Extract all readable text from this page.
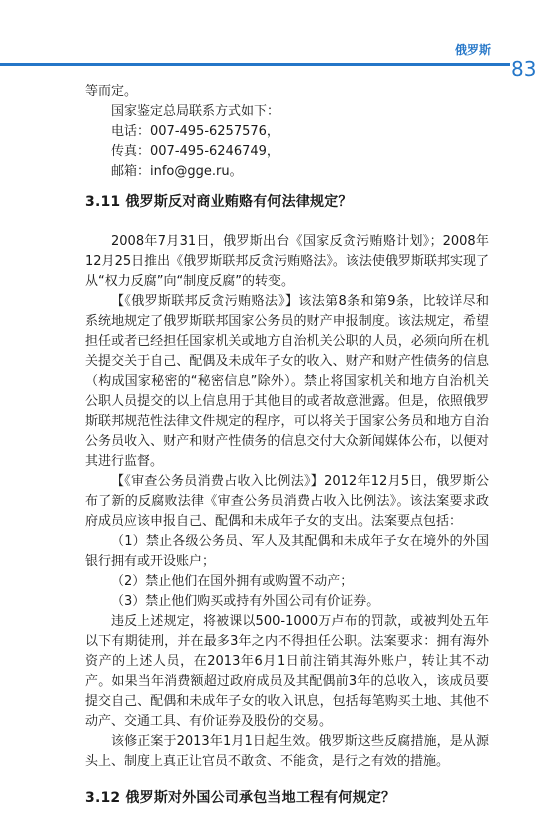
俄罗斯
83

等而定。

国家鉴定总局联系方式如下：

电话：007-495-6257576，

传真：007-495-6246749，

邮箱：info@gge.ru。

3.11 俄罗斯反对商业贿赂有何法律规定？

2008年7月31日，俄罗斯出台《国家反贪污贿赂计划》；2008年12月25日推出《俄罗斯联邦反贪污贿赂法》。该法使俄罗斯联邦实现了从“权力反腐”向“制度反腐”的转变。

【《俄罗斯联邦反贪污贿赂法》】该法第8条和第9条，比较详尽和系统地规定了俄罗斯联邦国家公务员的财产申报制度。该法规定，希望担任或者已经担任国家机关或地方自治机关公职的人员，必须向所在机关提交关于自己、配偶及未成年子女的收入、财产和财产性债务的信息（构成国家秘密的“秘密信息”除外）。禁止将国家机关和地方自治机关公职人员提交的以上信息用于其他目的或者故意泄露。但是，依照俄罗斯联邦规范性法律文件规定的程序，可以将关于国家公务员和地方自治公务员收入、财产和财产性债务的信息交付大众新闻媒体公布，以便对其进行监督。

【《审查公务员消费占收入比例法》】2012年12月5日，俄罗斯公布了新的反腐败法律《审查公务员消费占收入比例法》。该法案要求政府成员应该申报自己、配偶和未成年子女的支出。法案要点包括：

（1）禁止各级公务员、军人及其配偶和未成年子女在境外的外国银行拥有或开设账户；

（2）禁止他们在国外拥有或购置不动产；

（3）禁止他们购买或持有外国公司有价证券。

违反上述规定，将被课以500-1000万卢布的罚款，或被判处五年以下有期徒刑，并在最多3年之内不得担任公职。法案要求：拥有海外资产的上述人员，在2013年6月1日前注销其海外账户，转让其不动产。如果当年消费额超过政府成员及其配偶前3年的总收入，该成员要提交自己、配偶和未成年子女的收入讯息，包括每笔购买土地、其他不动产、交通工具、有价证券及股份的交易。

该修正案于2013年1月1日起生效。俄罗斯这些反腐措施，是从源头上、制度上真正让官员不敢贪、不能贪，是行之有效的措施。

3.12 俄罗斯对外国公司承包当地工程有何规定？
